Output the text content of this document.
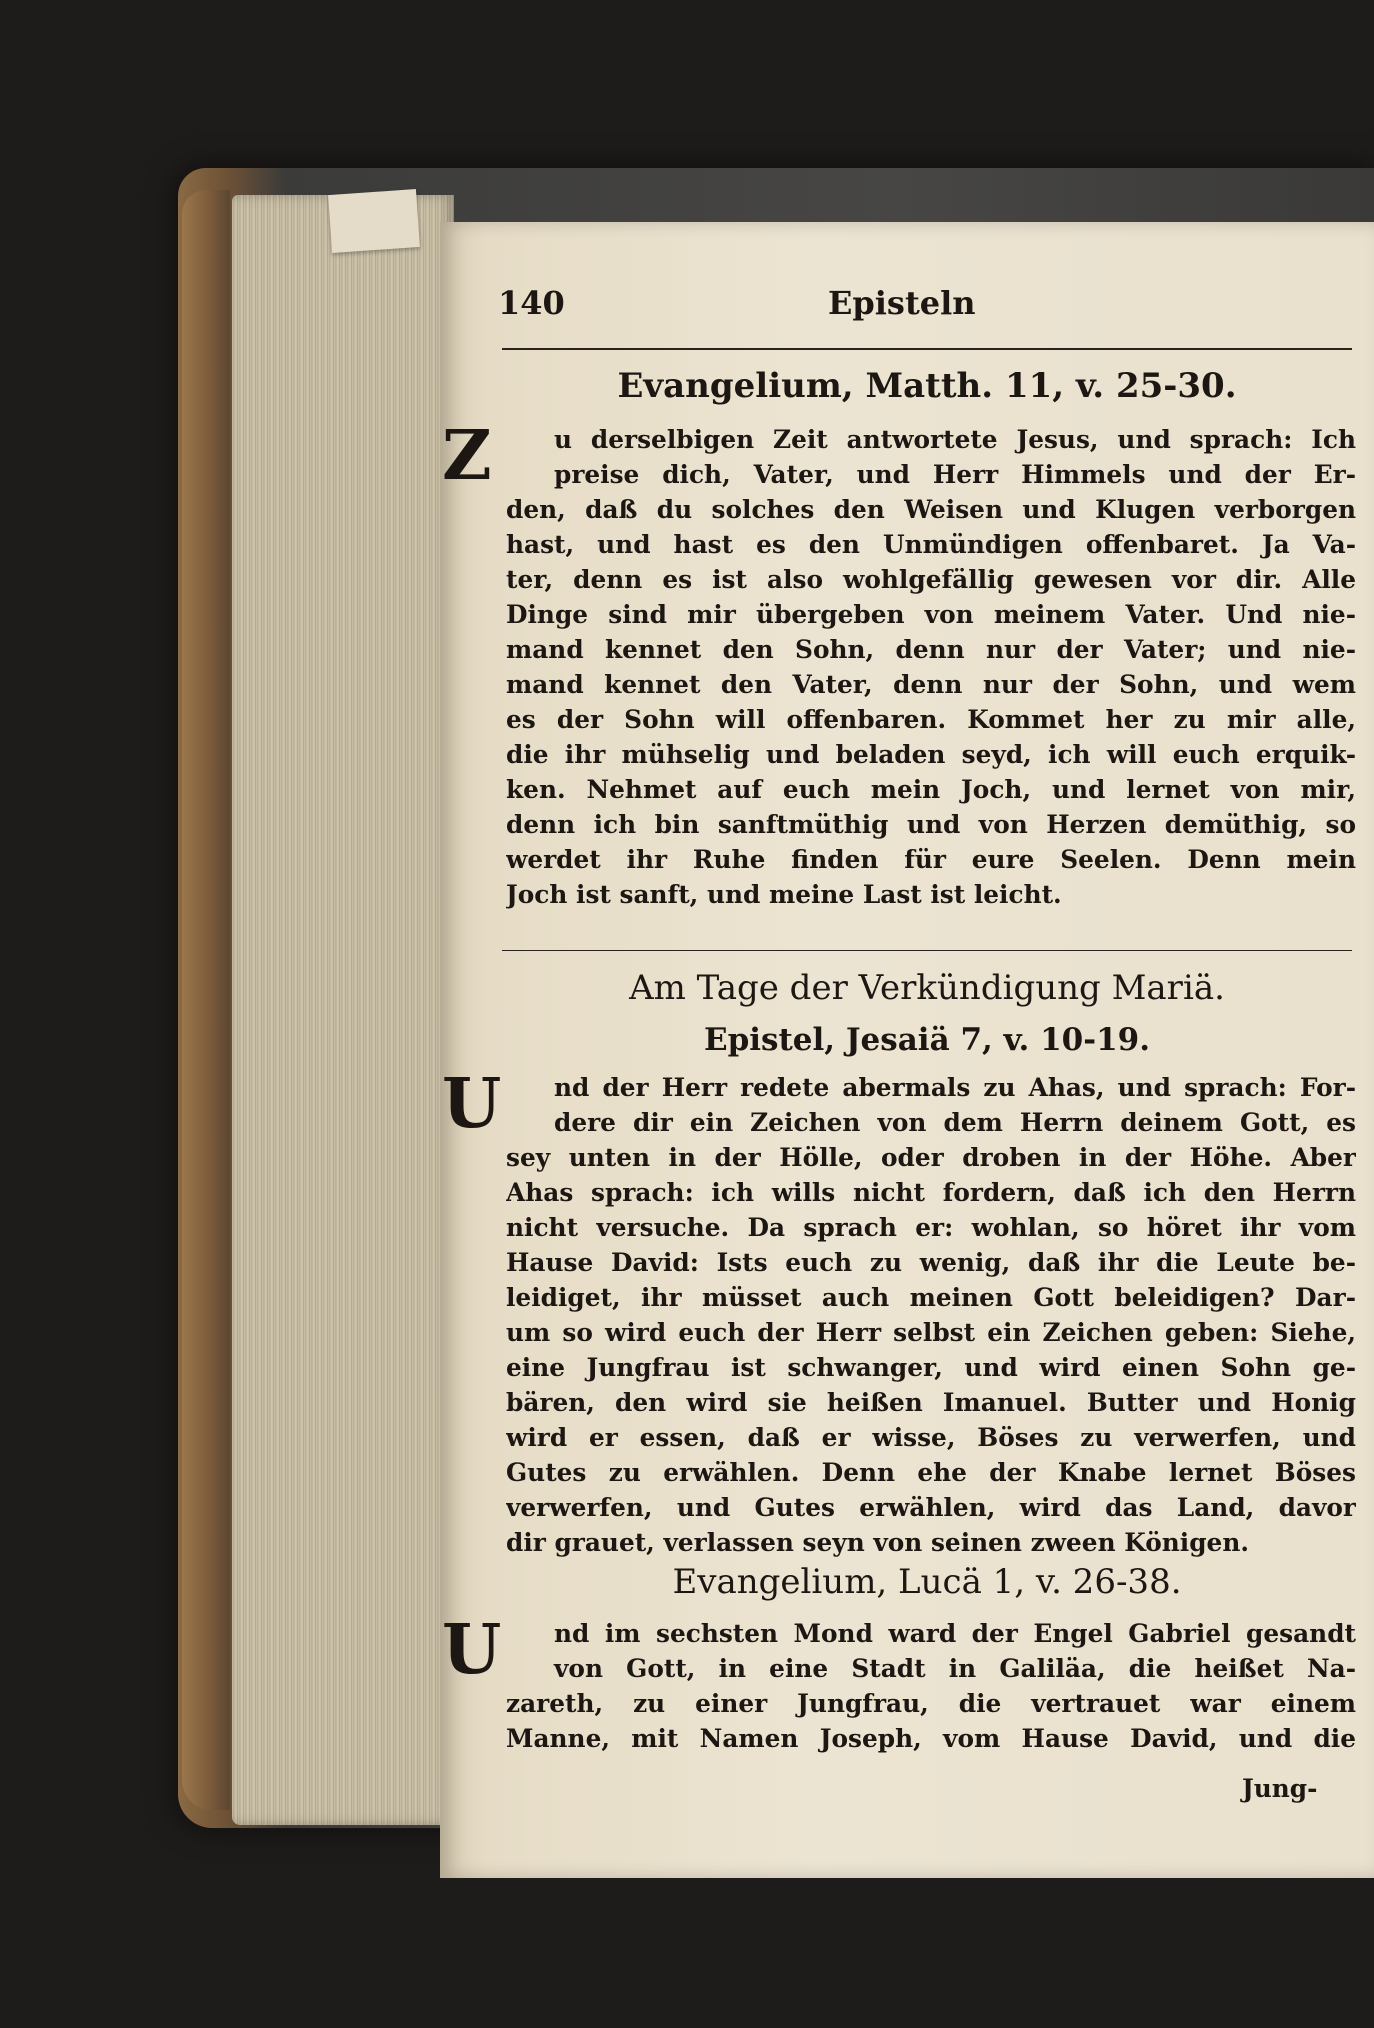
140	Episteln
Evangelium, Matth. 11, v. 25-30.
Z	u derselbigen Zeit antwortete Jesus, und sprach: Ich
preise dich, Vater, und Herr Himmels und der Er-
den, daß du solches den Weisen und Klugen verborgen
hast, und hast es den Unmündigen offenbaret. Ja Va-
ter, denn es ist also wohlgefällig gewesen vor dir. Alle
Dinge sind mir übergeben von meinem Vater. Und nie-
mand kennet den Sohn, denn nur der Vater; und nie-
mand kennet den Vater, denn nur der Sohn, und wem
es der Sohn will offenbaren. Kommet her zu mir alle,
die ihr mühselig und beladen seyd, ich will euch erquik-
ken. Nehmet auf euch mein Joch, und lernet von mir,
denn ich bin sanftmüthig und von Herzen demüthig, so
werdet ihr Ruhe finden für eure Seelen. Denn mein
Joch ist sanft, und meine Last ist leicht.
Am Tage der Verkündigung Mariä.
Epistel, Jesaiä 7, v. 10-19.
U	nd der Herr redete abermals zu Ahas, und sprach: For-
dere dir ein Zeichen von dem Herrn deinem Gott, es
sey unten in der Hölle, oder droben in der Höhe. Aber
Ahas sprach: ich wills nicht fordern, daß ich den Herrn
nicht versuche. Da sprach er: wohlan, so höret ihr vom
Hause David: Ists euch zu wenig, daß ihr die Leute be-
leidiget, ihr müsset auch meinen Gott beleidigen? Dar-
um so wird euch der Herr selbst ein Zeichen geben: Siehe,
eine Jungfrau ist schwanger, und wird einen Sohn ge-
bären, den wird sie heißen Imanuel. Butter und Honig
wird er essen, daß er wisse, Böses zu verwerfen, und
Gutes zu erwählen. Denn ehe der Knabe lernet Böses
verwerfen, und Gutes erwählen, wird das Land, davor
dir grauet, verlassen seyn von seinen zween Königen.
Evangelium, Lucä 1, v. 26-38.
U	nd im sechsten Mond ward der Engel Gabriel gesandt
von Gott, in eine Stadt in Galiläa, die heißet Na-
zareth, zu einer Jungfrau, die vertrauet war einem
Manne, mit Namen Joseph, vom Hause David, und die
Jung-
